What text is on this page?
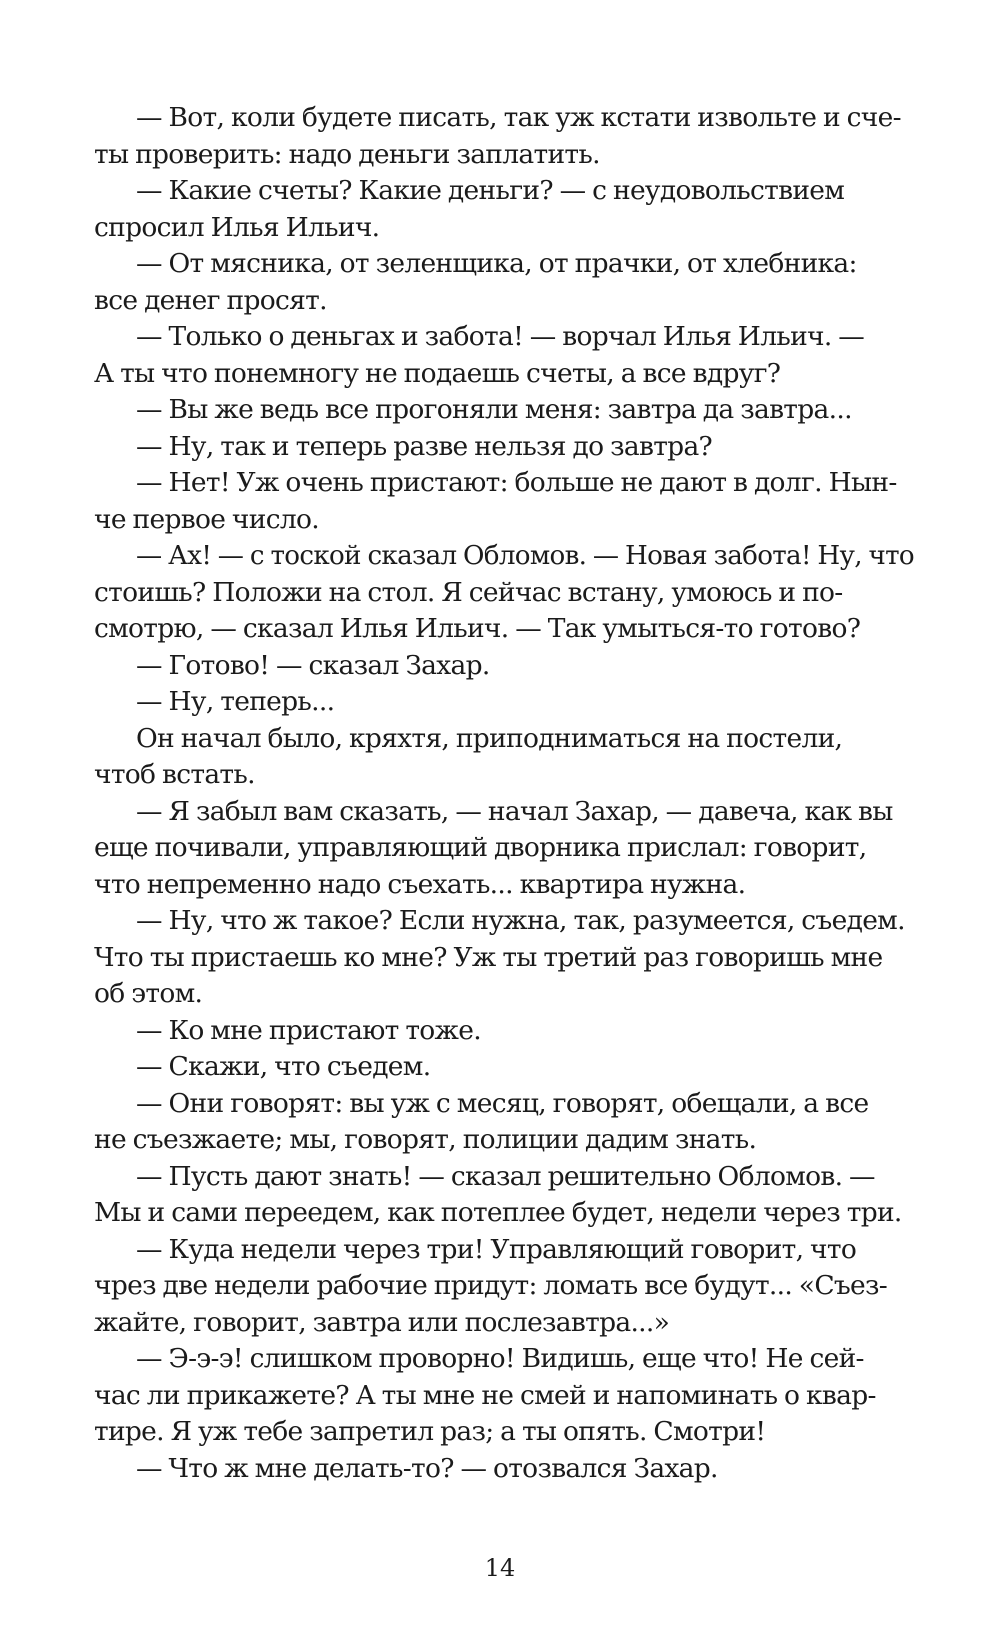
— Вот, коли будете писать, так уж кстати извольте и сче-
ты проверить: надо деньги заплатить.
— Какие счеты? Какие деньги? — с неудовольствием
спросил Илья Ильич.
— От мясника, от зеленщика, от прачки, от хлебника:
все денег просят.
— Только о деньгах и забота! — ворчал Илья Ильич. —
А ты что понемногу не подаешь счеты, а все вдруг?
— Вы же ведь все прогоняли меня: завтра да завтра...
— Ну, так и теперь разве нельзя до завтра?
— Нет! Уж очень пристают: больше не дают в долг. Нын-
че первое число.
— Ах! — с тоской сказал Обломов. — Новая забота! Ну, что
стоишь? Положи на стол. Я сейчас встану, умоюсь и по-
смотрю, — сказал Илья Ильич. — Так умыться-то готово?
— Готово! — сказал Захар.
— Ну, теперь...
Он начал было, кряхтя, приподниматься на постели,
чтоб встать.
— Я забыл вам сказать, — начал Захар, — давеча, как вы
еще почивали, управляющий дворника прислал: говорит,
что непременно надо съехать... квартира нужна.
— Ну, что ж такое? Если нужна, так, разумеется, съедем.
Что ты пристаешь ко мне? Уж ты третий раз говоришь мне
об этом.
— Ко мне пристают тоже.
— Скажи, что съедем.
— Они говорят: вы уж с месяц, говорят, обещали, а все
не съезжаете; мы, говорят, полиции дадим знать.
— Пусть дают знать! — сказал решительно Обломов. —
Мы и сами переедем, как потеплее будет, недели через три.
— Куда недели через три! Управляющий говорит, что
чрез две недели рабочие придут: ломать все будут... «Съез-
жайте, говорит, завтра или послезавтра...»
— Э-э-э! слишком проворно! Видишь, еще что! Не сей-
час ли прикажете? А ты мне не смей и напоминать о квар-
тире. Я уж тебе запретил раз; а ты опять. Смотри!
— Что ж мне делать-то? — отозвался Захар.
14
